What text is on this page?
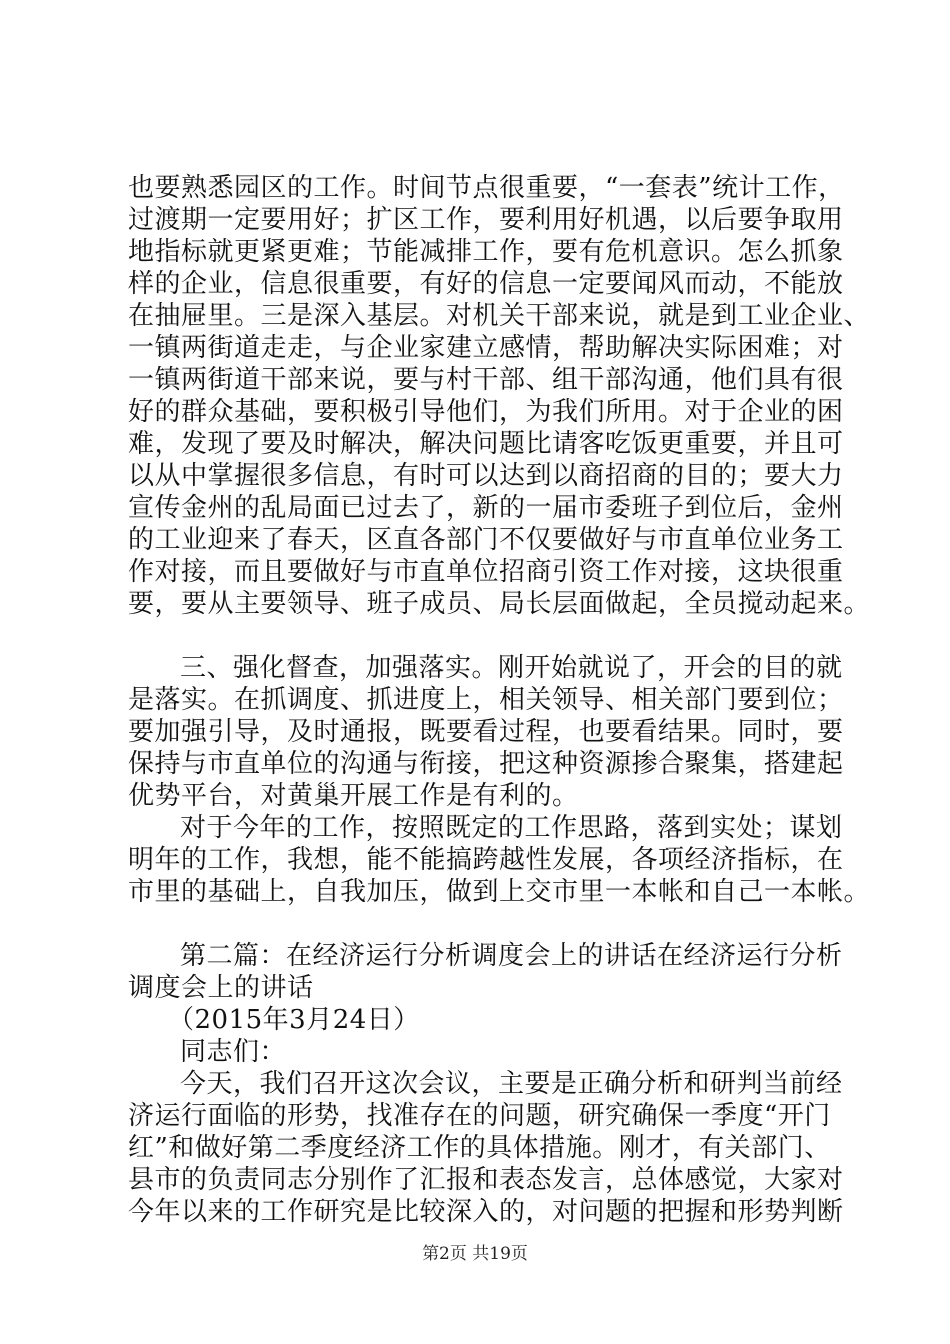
也要熟悉园区的工作。时间节点很重要，“一套表”统计工作，
过渡期一定要用好；扩区工作，要利用好机遇，以后要争取用
地指标就更紧更难；节能减排工作，要有危机意识。怎么抓象
样的企业，信息很重要，有好的信息一定要闻风而动，不能放
在抽屉里。三是深入基层。对机关干部来说，就是到工业企业、
一镇两街道走走，与企业家建立感情，帮助解决实际困难；对
一镇两街道干部来说，要与村干部、组干部沟通，他们具有很
好的群众基础，要积极引导他们，为我们所用。对于企业的困
难，发现了要及时解决，解决问题比请客吃饭更重要，并且可
以从中掌握很多信息，有时可以达到以商招商的目的；要大力
宣传金州的乱局面已过去了，新的一届市委班子到位后，金州
的工业迎来了春天，区直各部门不仅要做好与市直单位业务工
作对接，而且要做好与市直单位招商引资工作对接，这块很重
要，要从主要领导、班子成员、局长层面做起，全员搅动起来。
三、强化督查，加强落实。刚开始就说了，开会的目的就
是落实。在抓调度、抓进度上，相关领导、相关部门要到位；
要加强引导，及时通报，既要看过程，也要看结果。同时，要
保持与市直单位的沟通与衔接，把这种资源掺合聚集，搭建起
优势平台，对黄巢开展工作是有利的。
对于今年的工作，按照既定的工作思路，落到实处；谋划
明年的工作，我想，能不能搞跨越性发展，各项经济指标，在
市里的基础上，自我加压，做到上交市里一本帐和自己一本帐。
第二篇：在经济运行分析调度会上的讲话在经济运行分析
调度会上的讲话
（2015年3月24日）
同志们：
今天，我们召开这次会议，主要是正确分析和研判当前经
济运行面临的形势，找准存在的问题，研究确保一季度“开门
红”和做好第二季度经济工作的具体措施。刚才，有关部门、
县市的负责同志分别作了汇报和表态发言，总体感觉，大家对
今年以来的工作研究是比较深入的，对问题的把握和形势判断
第2页 共19页
